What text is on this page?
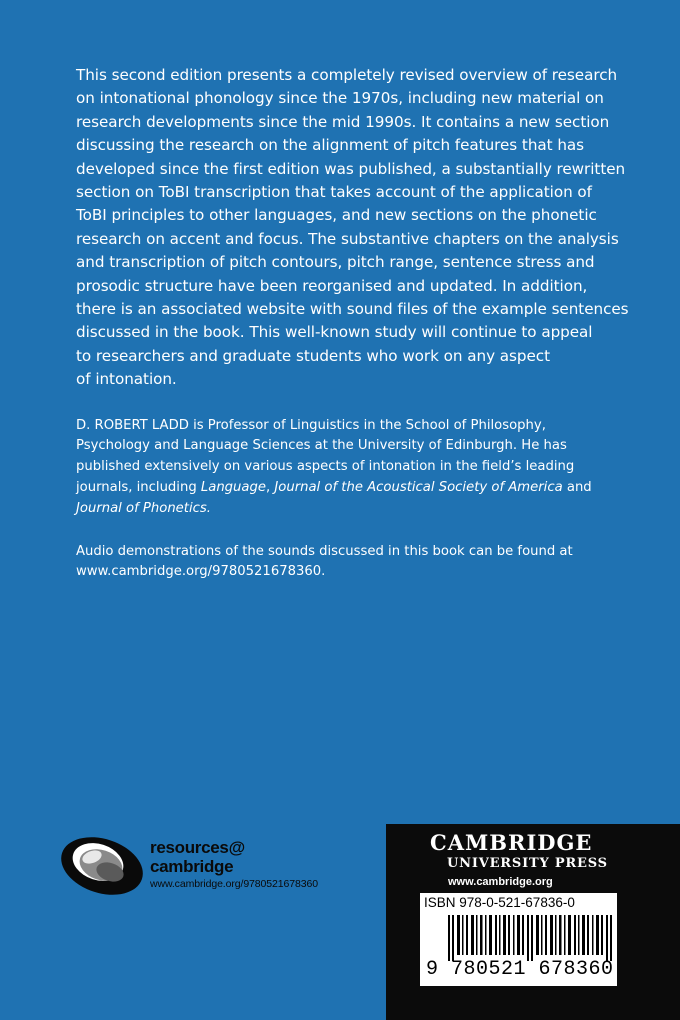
This second edition presents a completely revised overview of research
on intonational phonology since the 1970s, including new material on
research developments since the mid 1990s. It contains a new section
discussing the research on the alignment of pitch features that has
developed since the first edition was published, a substantially rewritten
section on ToBI transcription that takes account of the application of
ToBI principles to other languages, and new sections on the phonetic
research on accent and focus. The substantive chapters on the analysis
and transcription of pitch contours, pitch range, sentence stress and
prosodic structure have been reorganised and updated. In addition,
there is an associated website with sound files of the example sentences
discussed in the book. This well-known study will continue to appeal
to researchers and graduate students who work on any aspect
of intonation.

D. ROBERT LADD is Professor of Linguistics in the School of Philosophy,
Psychology and Language Sciences at the University of Edinburgh. He has
published extensively on various aspects of intonation in the field’s leading
journals, including Language, Journal of the Acoustical Society of America and
Journal of Phonetics.

Audio demonstrations of the sounds discussed in this book can be found at
www.cambridge.org/9780521678360.

resources@
cambridge
www.cambridge.org/9780521678360
CAMBRIDGE
UNIVERSITY PRESS
www.cambridge.org
ISBN 978-0-521-67836-0
9 780521 678360
